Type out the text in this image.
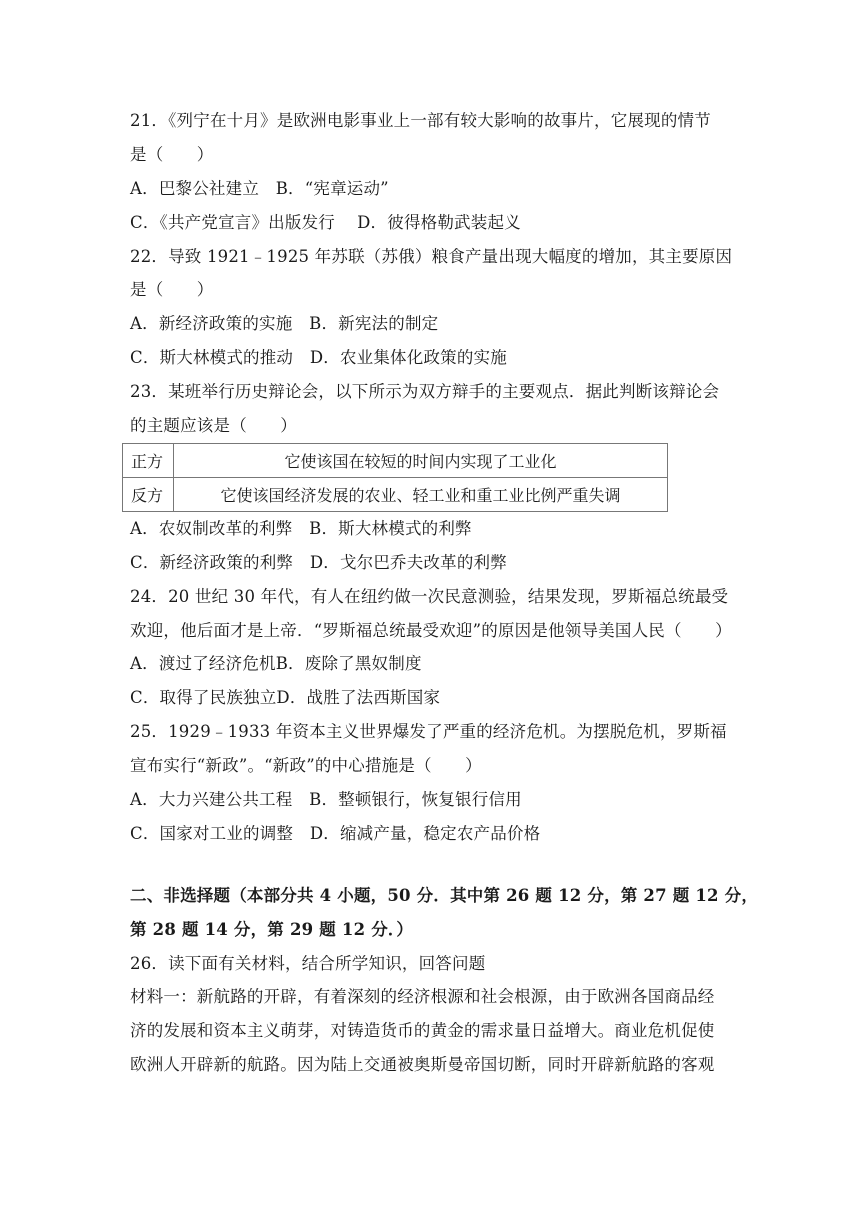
21．《列宁在十月》是欧洲电影事业上一部有较大影响的故事片，它展现的情节
是（　　）
A．巴黎公社建立　B．“宪章运动”
C．《共产党宣言》出版发行　 D．彼得格勒武装起义
22．导致 1921﹣1925 年苏联（苏俄）粮食产量出现大幅度的增加，其主要原因
是（　　）
A．新经济政策的实施　B．新宪法的制定
C．斯大林模式的推动　D．农业集体化政策的实施
23．某班举行历史辩论会，以下所示为双方辩手的主要观点．据此判断该辩论会
的主题应该是（　　）
正方	它使该国在较短的时间内实现了工业化
反方	它使该国经济发展的农业、轻工业和重工业比例严重失调
A．农奴制改革的利弊　B．斯大林模式的利弊
C．新经济政策的利弊　D．戈尔巴乔夫改革的利弊
24．20 世纪 30 年代，有人在纽约做一次民意测验，结果发现，罗斯福总统最受
欢迎，他后面才是上帝．“罗斯福总统最受欢迎”的原因是他领导美国人民（　　）
A．渡过了经济危机B．废除了黑奴制度
C．取得了民族独立D．战胜了法西斯国家
25．1929﹣1933 年资本主义世界爆发了严重的经济危机。为摆脱危机，罗斯福
宣布实行“新政”。“新政”的中心措施是（　　）
A．大力兴建公共工程　B．整顿银行，恢复银行信用
C．国家对工业的调整　D．缩减产量，稳定农产品价格
二、非选择题（本部分共 4 小题，50 分．其中第 26 题 12 分，第 27 题 12 分，
第 28 题 14 分，第 29 题 12 分．）
26．读下面有关材料，结合所学知识，回答问题
材料一：新航路的开辟，有着深刻的经济根源和社会根源，由于欧洲各国商品经
济的发展和资本主义萌芽，对铸造货币的黄金的需求量日益增大。商业危机促使
欧洲人开辟新的航路。因为陆上交通被奥斯曼帝国切断，同时开辟新航路的客观
